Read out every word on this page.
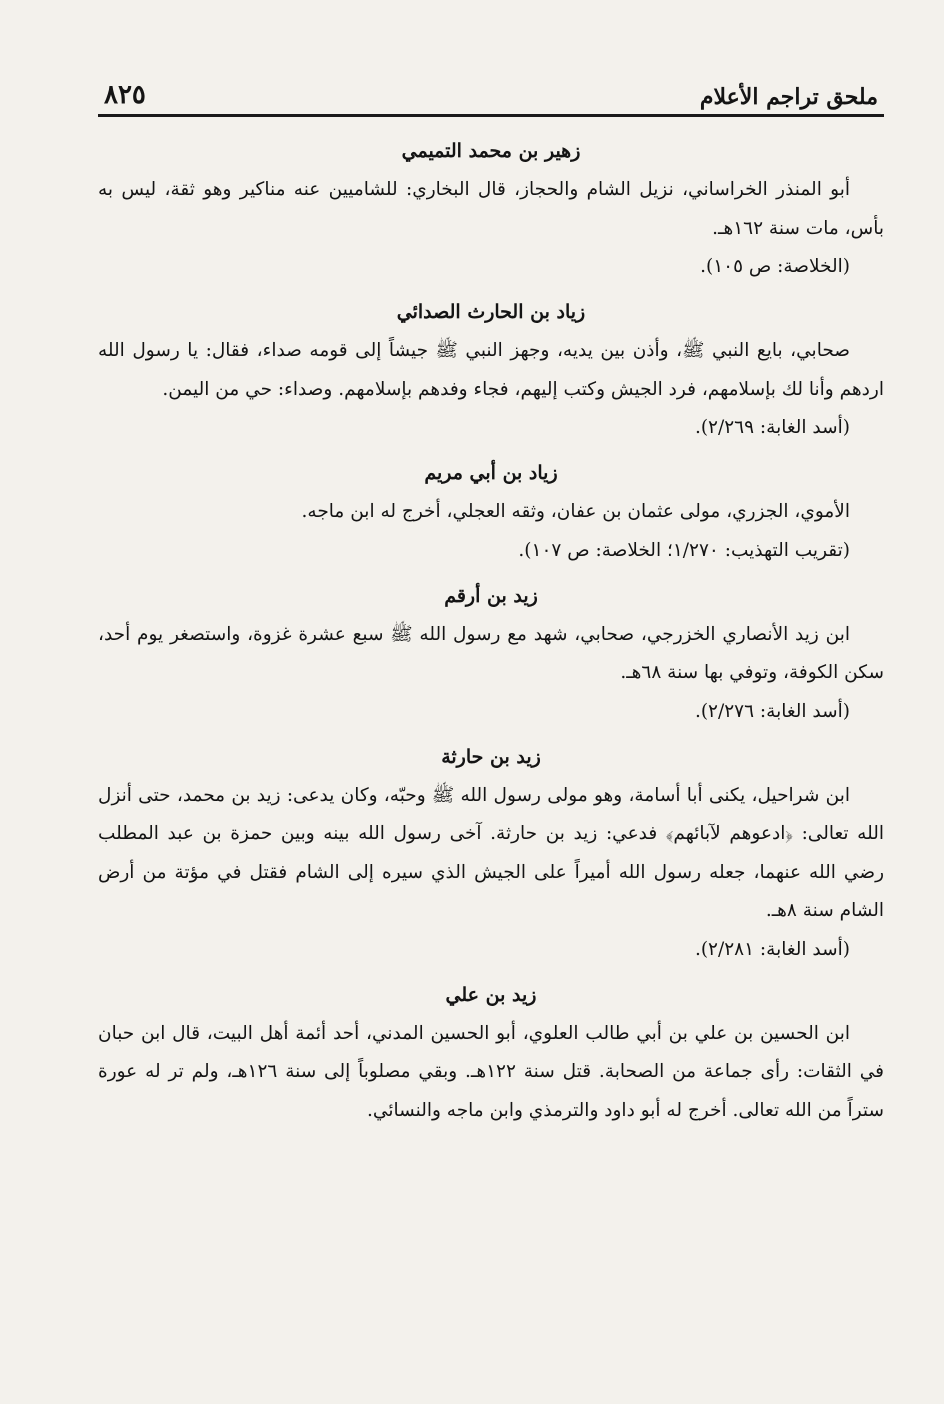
ملحق تراجم الأعلام
٨٢٥
زهير بن محمد التميمي

أبو المنذر الخراساني، نزيل الشام والحجاز، قال البخاري: للشاميين عنه مناكير وهو ثقة، ليس به بأس، مات سنة ١٦٢هـ.

(الخلاصة: ص ١٠٥).

زياد بن الحارث الصدائي

صحابي، بايع النبي ﷺ، وأذن بين يديه، وجهز النبي ﷺ جيشاً إلى قومه صداء، فقال: يا رسول الله اردهم وأنا لك بإسلامهم، فرد الجيش وكتب إليهم، فجاء وفدهم بإسلامهم. وصداء: حي من اليمن.

(أسد الغابة: ٢/٢٦٩).

زياد بن أبي مريم

الأموي، الجزري، مولى عثمان بن عفان، وثقه العجلي، أخرج له ابن ماجه.

(تقريب التهذيب: ١/٢٧٠؛ الخلاصة: ص ١٠٧).

زيد بن أرقم

ابن زيد الأنصاري الخزرجي، صحابي، شهد مع رسول الله ﷺ سبع عشرة غزوة، واستصغر يوم أحد، سكن الكوفة، وتوفي بها سنة ٦٨هـ.

(أسد الغابة: ٢/٢٧٦).

زيد بن حارثة

ابن شراحيل، يكنى أبا أسامة، وهو مولى رسول الله ﷺ وحبّه، وكان يدعى: زيد بن محمد، حتى أنزل الله تعالى: ﴿ادعوهم لآبائهم﴾ فدعي: زيد بن حارثة. آخى رسول الله بينه وبين حمزة بن عبد المطلب رضي الله عنهما، جعله رسول الله أميراً على الجيش الذي سيره إلى الشام فقتل في مؤتة من أرض الشام سنة ٨هـ.

(أسد الغابة: ٢/٢٨١).

زيد بن علي

ابن الحسين بن علي بن أبي طالب العلوي، أبو الحسين المدني، أحد أئمة أهل البيت، قال ابن حبان في الثقات: رأى جماعة من الصحابة. قتل سنة ١٢٢هـ. وبقي مصلوباً إلى سنة ١٢٦هـ، ولم تر له عورة ستراً من الله تعالى. أخرج له أبو داود والترمذي وابن ماجه والنسائي.
